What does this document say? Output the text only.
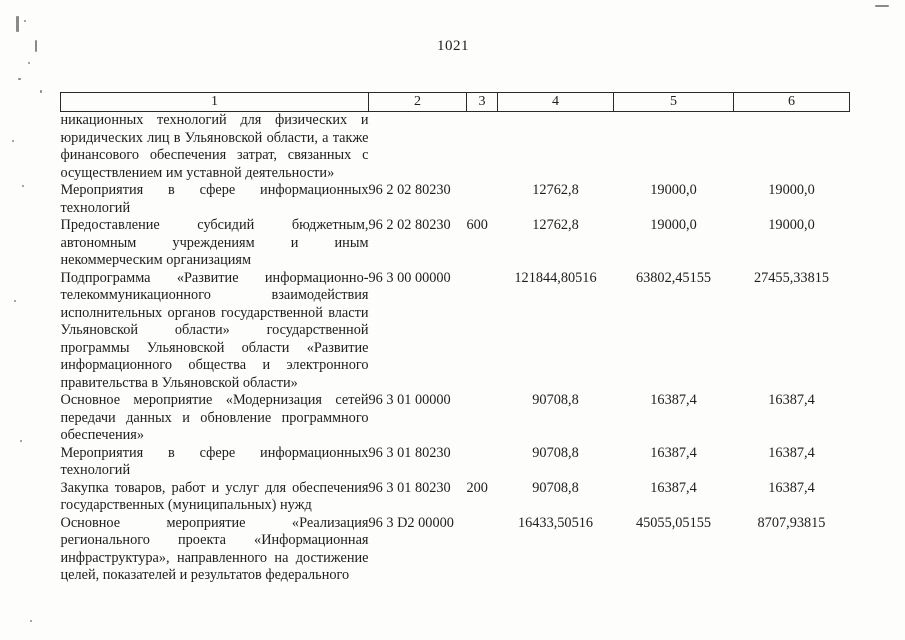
1021
1	2	3	4	5	6
никационных технологий для физических и юридических лиц в Ульяновской области, а также финансового обеспечения затрат, связанных с осуществлением им уставной деятельности»					
Мероприятия в сфере информационных технологий	96 2 02 80230		12762,8	19000,0	19000,0
Предоставление субсидий бюджетным, автономным учреждениям и иным некоммерческим организациям	96 2 02 80230	600	12762,8	19000,0	19000,0
Подпрограмма «Развитие информационно-телекоммуникационного взаимодействия исполнительных органов государственной власти Ульяновской области» государственной программы Ульяновской области «Развитие информационного общества и электронного правительства в Ульяновской области»	96 3 00 00000		121844,80516	63802,45155	27455,33815
Основное мероприятие «Модернизация сетей передачи данных и обновление программного обеспечения»	96 3 01 00000		90708,8	16387,4	16387,4
Мероприятия в сфере информационных технологий	96 3 01 80230		90708,8	16387,4	16387,4
Закупка товаров, работ и услуг для обеспечения государственных (муниципальных) нужд	96 3 01 80230	200	90708,8	16387,4	16387,4
Основное мероприятие «Реализация регионального проекта «Информационная инфраструктура», направленного на достижение целей, показателей и результатов федерального	96 3 D2 00000		16433,50516	45055,05155	8707,93815
